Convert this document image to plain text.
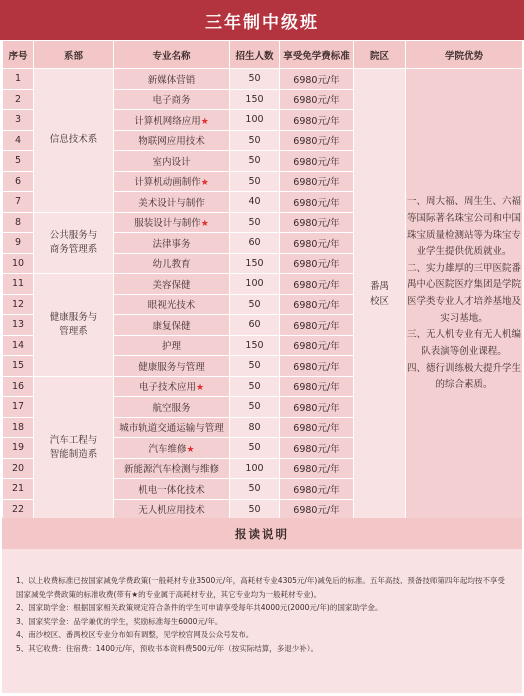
三年制中级班
序号	系部	专业名称	招生人数	享受免学费标准	院区	学院优势
1	信息技术系	新媒体营销	50	6980元/年	番禺校区	一、周大福、周生生、六福等国际著名珠宝公司和中国珠宝质量检测站等为珠宝专业学生提供优质就业。
二、实力雄厚的三甲医院番禺中心医院医疗集团是学院医学类专业人才培养基地及实习基地。
三、无人机专业有无人机编队表演等创业课程。
四、德行训练极大提升学生的综合素质。

2		电子商务	150	6980元/年		
3		计算机网络应用★	100	6980元/年		
4		物联网应用技术	50	6980元/年		
5		室内设计	50	6980元/年		
6		计算机动画制作★	50	6980元/年		
7		美术设计与制作	40	6980元/年		
8	公共服务与商务管理系	服装设计与制作★	50	6980元/年		
9		法律事务	60	6980元/年		
10		幼儿教育	150	6980元/年		
11	健康服务与管理系	美容保健	100	6980元/年		
12		眼视光技术	50	6980元/年		
13		康复保健	60	6980元/年		
14		护理	150	6980元/年		
15		健康服务与管理	50	6980元/年		
16	汽车工程与智能制造系	电子技术应用★	50	6980元/年		
17		航空服务	50	6980元/年		
18		城市轨道交通运输与管理	80	6980元/年		
19		汽车维修★	50	6980元/年		
20		新能源汽车检测与维修	100	6980元/年		
21		机电一体化技术	50	6980元/年		
22		无人机应用技术	50	6980元/年		
报读说明

1、以上收费标准已按国家减免学费政策(一般耗材专业3500元/年，高耗材专业4305元/年)减免后的标准。五年高技、预备技师第四年起均按不享受国家减免学费政策的标准收费(带有★的专业属于高耗材专业，其它专业均为一般耗材专业)。

2、国家助学金：根据国家相关政策规定符合条件的学生可申请享受每年共4000元(2000元/年)的国家助学金。

3、国家奖学金：品学兼优的学生，奖励标准每生6000元/年。

4、南沙校区、番禺校区专业分布如有调整，见学校官网及公众号发布。

5、其它收费：住宿费：1400元/年，预收书本资料费500元/年（按实际结算，多退少补）。
